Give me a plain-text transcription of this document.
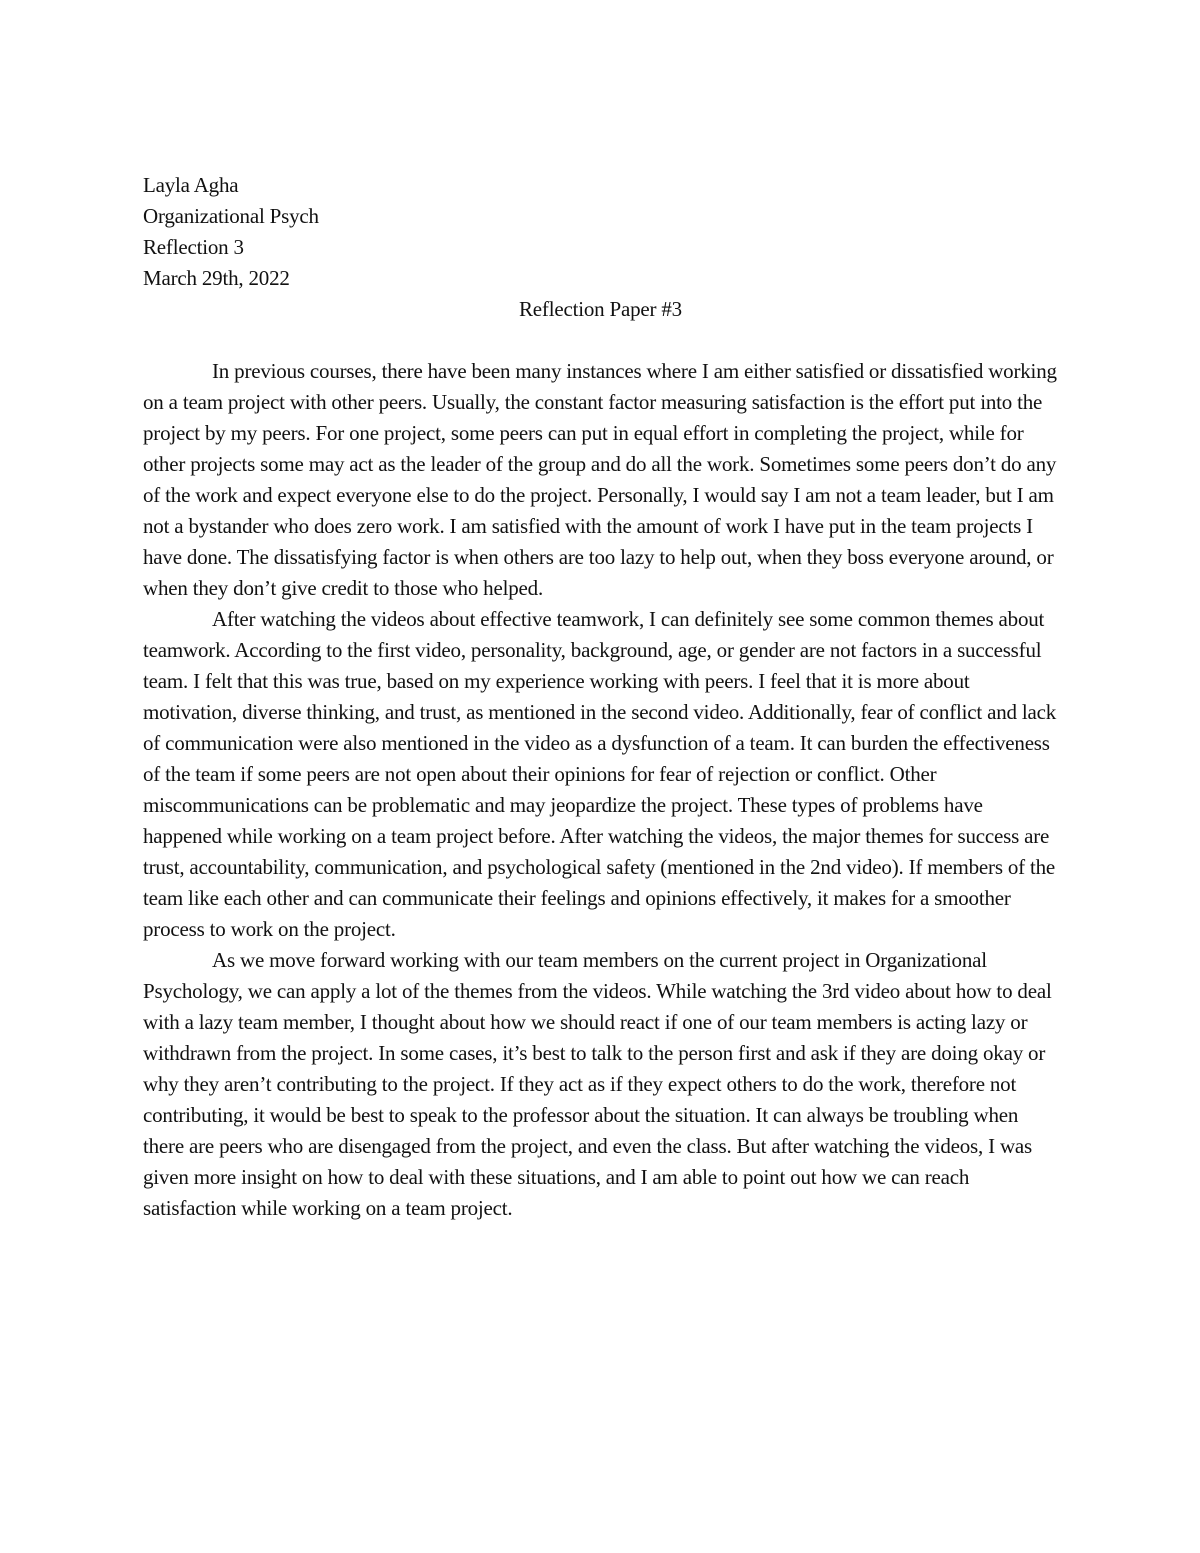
Layla Agha
Organizational Psych
Reflection 3
March 29th, 2022
Reflection Paper #3

In previous courses, there have been many instances where I am either satisfied or dissatisfied working on a team project with other peers. Usually, the constant factor measuring satisfaction is the effort put into the project by my peers. For one project, some peers can put in equal effort in completing the project, while for other projects some may act as the leader of the group and do all the work. Sometimes some peers don’t do any of the work and expect everyone else to do the project. Personally, I would say I am not a team leader, but I am not a bystander who does zero work. I am satisfied with the amount of work I have put in the team projects I have done. The dissatisfying factor is when others are too lazy to help out, when they boss everyone around, or when they don’t give credit to those who helped.

After watching the videos about effective teamwork, I can definitely see some common themes about teamwork. According to the first video, personality, background, age, or gender are not factors in a successful team. I felt that this was true, based on my experience working with peers. I feel that it is more about motivation, diverse thinking, and trust, as mentioned in the second video. Additionally, fear of conflict and lack of communication were also mentioned in the video as a dysfunction of a team. It can burden the effectiveness of the team if some peers are not open about their opinions for fear of rejection or conflict. Other miscommunications can be problematic and may jeopardize the project. These types of problems have happened while working on a team project before. After watching the videos, the major themes for success are trust, accountability, communication, and psychological safety (mentioned in the 2nd video). If members of the team like each other and can communicate their feelings and opinions effectively, it makes for a smoother process to work on the project.

As we move forward working with our team members on the current project in Organizational Psychology, we can apply a lot of the themes from the videos. While watching the 3rd video about how to deal with a lazy team member, I thought about how we should react if one of our team members is acting lazy or withdrawn from the project. In some cases, it’s best to talk to the person first and ask if they are doing okay or why they aren’t contributing to the project. If they act as if they expect others to do the work, therefore not contributing, it would be best to speak to the professor about the situation. It can always be troubling when there are peers who are disengaged from the project, and even the class. But after watching the videos, I was given more insight on how to deal with these situations, and I am able to point out how we can reach satisfaction while working on a team project.
